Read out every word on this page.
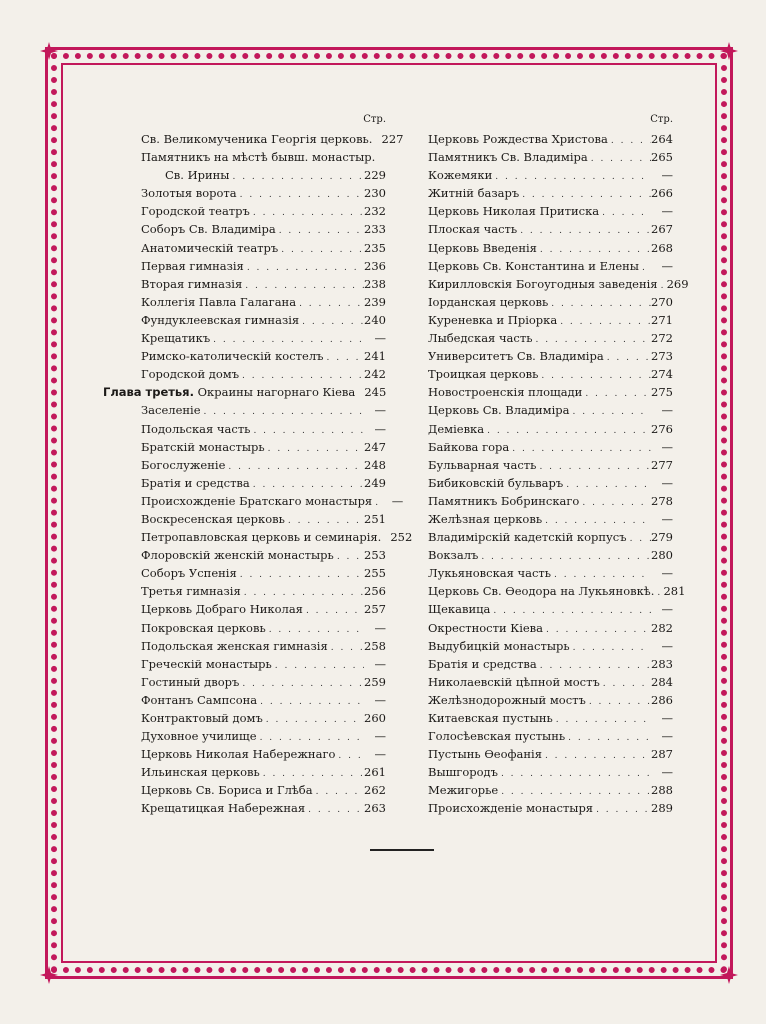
Стр.
Св. Великомученика Георгія церковь. 227
Памятникъ на мѣстѣ бывш. монастыр.
Св. Ирины . . .	229
Золотыя ворота . . .	230
Городской театръ . . .	232
Соборъ Св. Владиміра . . .	233
Анатомическій театръ . . .	235
Первая гимназія . . .	236
Вторая гимназія . . .	238
Коллегія Павла Галагана . . .	239
Фундуклеевская гимназія . . .	240
Крещатикъ . . .	—
Римско-католическій костелъ . . .	241
Городской домъ . . .	242
Глава третья. Окраины нагорнаго Кіева 245
Заселеніе . . .	—
Подольская часть . . .	—
Братскій монастырь . . .	247
Богослуженіе . . .	248
Братія и средства . . .	249
Происхожденіе Братскаго монастыря . . .	—
Воскресенская церковь . . .	251
Петропавловская церковь и семинарія. 252
Флоровскій женскій монастырь . . .	253
Соборъ Успенія . . .	255
Третья гимназія . . .	256
Церковь Добраго Николая . . .	257
Покровская церковь . . .	—
Подольская женская гимназія . . .	258
Греческій монастырь . . .	—
Гостиный дворъ . . .	259
Фонтанъ Сампсона . . .	—
Контрактовый домъ . . .	260
Духовное училище . . .	—
Церковь Николая Набережнаго . . .	—
Ильинская церковь . . .	261
Церковь Св. Бориса и Глѣба . . .	262
Крещатицкая Набережная . . .	263
Стр.
Церковь Рождества Христова . . .	264
Памятникъ Св. Владиміра . . .	265
Кожемяки . . .	—
Житній базаръ . . .	266
Церковь Николая Притиска . . .	—
Плоская часть . . .	267
Церковь Введенія . . .	268
Церковь Св. Константина и Елены . . .	—
Кирилловскія Богоугодныя заведенія . . . 269
Іорданская церковь . . .	270
Куреневка и Пріорка . . .	271
Лыбедская часть . . .	272
Университетъ Св. Владиміра . . .	273
Троицкая церковь . . .	274
Новостроенскія площади . . .	275
Церковь Св. Владиміра . . .	—
Деміевка . . .	276
Байкова гора . . .	—
Бульварная часть . . .	277
Бибиковскій бульваръ . . .	—
Памятникъ Бобринскаго . . .	278
Желѣзная церковь . . .	—
Владимірскій кадетскій корпусъ . . . 279
Вокзалъ . . .	280
Лукьяновская часть . . .	—
Церковь Св. Ѳеодора на Лукьяновкѣ. . . . 281
Щекавица . . .	—
Окрестности Кіева . . .	282
Выдубицкій монастырь . . .	—
Братія и средства . . .	283
Николаевскій цѣпной мостъ . . .	284
Желѣзнодорожный мостъ . . .	286
Китаевская пустынь . . .	—
Голосѣевская пустынь . . .	—
Пустынь Ѳеофанія . . .	287
Вышгородъ . . .	—
Межигорье . . .	288
Происхожденіе монастыря . . .	289
